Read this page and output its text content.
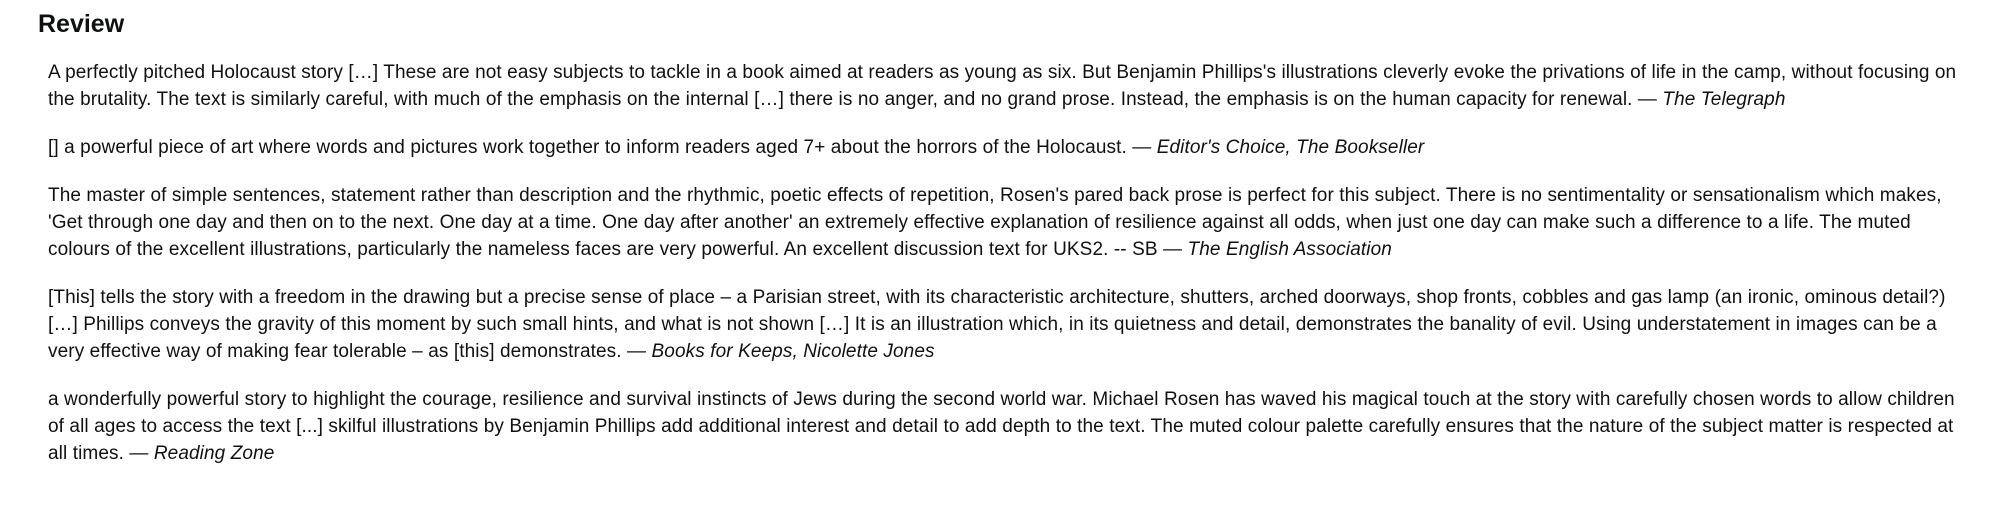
Review

A perfectly pitched Holocaust story […] These are not easy subjects to tackle in a book aimed at readers as young as six. But Benjamin Phillips's illustrations cleverly evoke the privations of life in the camp, without focusing on the brutality. The text is similarly careful, with much of the emphasis on the internal […] there is no anger, and no grand prose. Instead, the emphasis is on the human capacity for renewal. — The Telegraph

[] a powerful piece of art where words and pictures work together to inform readers aged 7+ about the horrors of the Holocaust. — Editor's Choice, The Bookseller

The master of simple sentences, statement rather than description and the rhythmic, poetic effects of repetition, Rosen's pared back prose is perfect for this subject. There is no sentimentality or sensationalism which makes, 'Get through one day and then on to the next. One day at a time. One day after another' an extremely effective explanation of resilience against all odds, when just one day can make such a difference to a life. The muted colours of the excellent illustrations, particularly the nameless faces are very powerful. An excellent discussion text for UKS2. -- SB — The English Association

[This] tells the story with a freedom in the drawing but a precise sense of place – a Parisian street, with its characteristic architecture, shutters, arched doorways, shop fronts, cobbles and gas lamp (an ironic, ominous detail?) […] Phillips conveys the gravity of this moment by such small hints, and what is not shown […] It is an illustration which, in its quietness and detail, demonstrates the banality of evil. Using understatement in images can be a very effective way of making fear tolerable – as [this] demonstrates. — Books for Keeps, Nicolette Jones

a wonderfully powerful story to highlight the courage, resilience and survival instincts of Jews during the second world war. Michael Rosen has waved his magical touch at the story with carefully chosen words to allow children of all ages to access the text [...] skilful illustrations by Benjamin Phillips add additional interest and detail to add depth to the text. The muted colour palette carefully ensures that the nature of the subject matter is respected at all times. — Reading Zone
